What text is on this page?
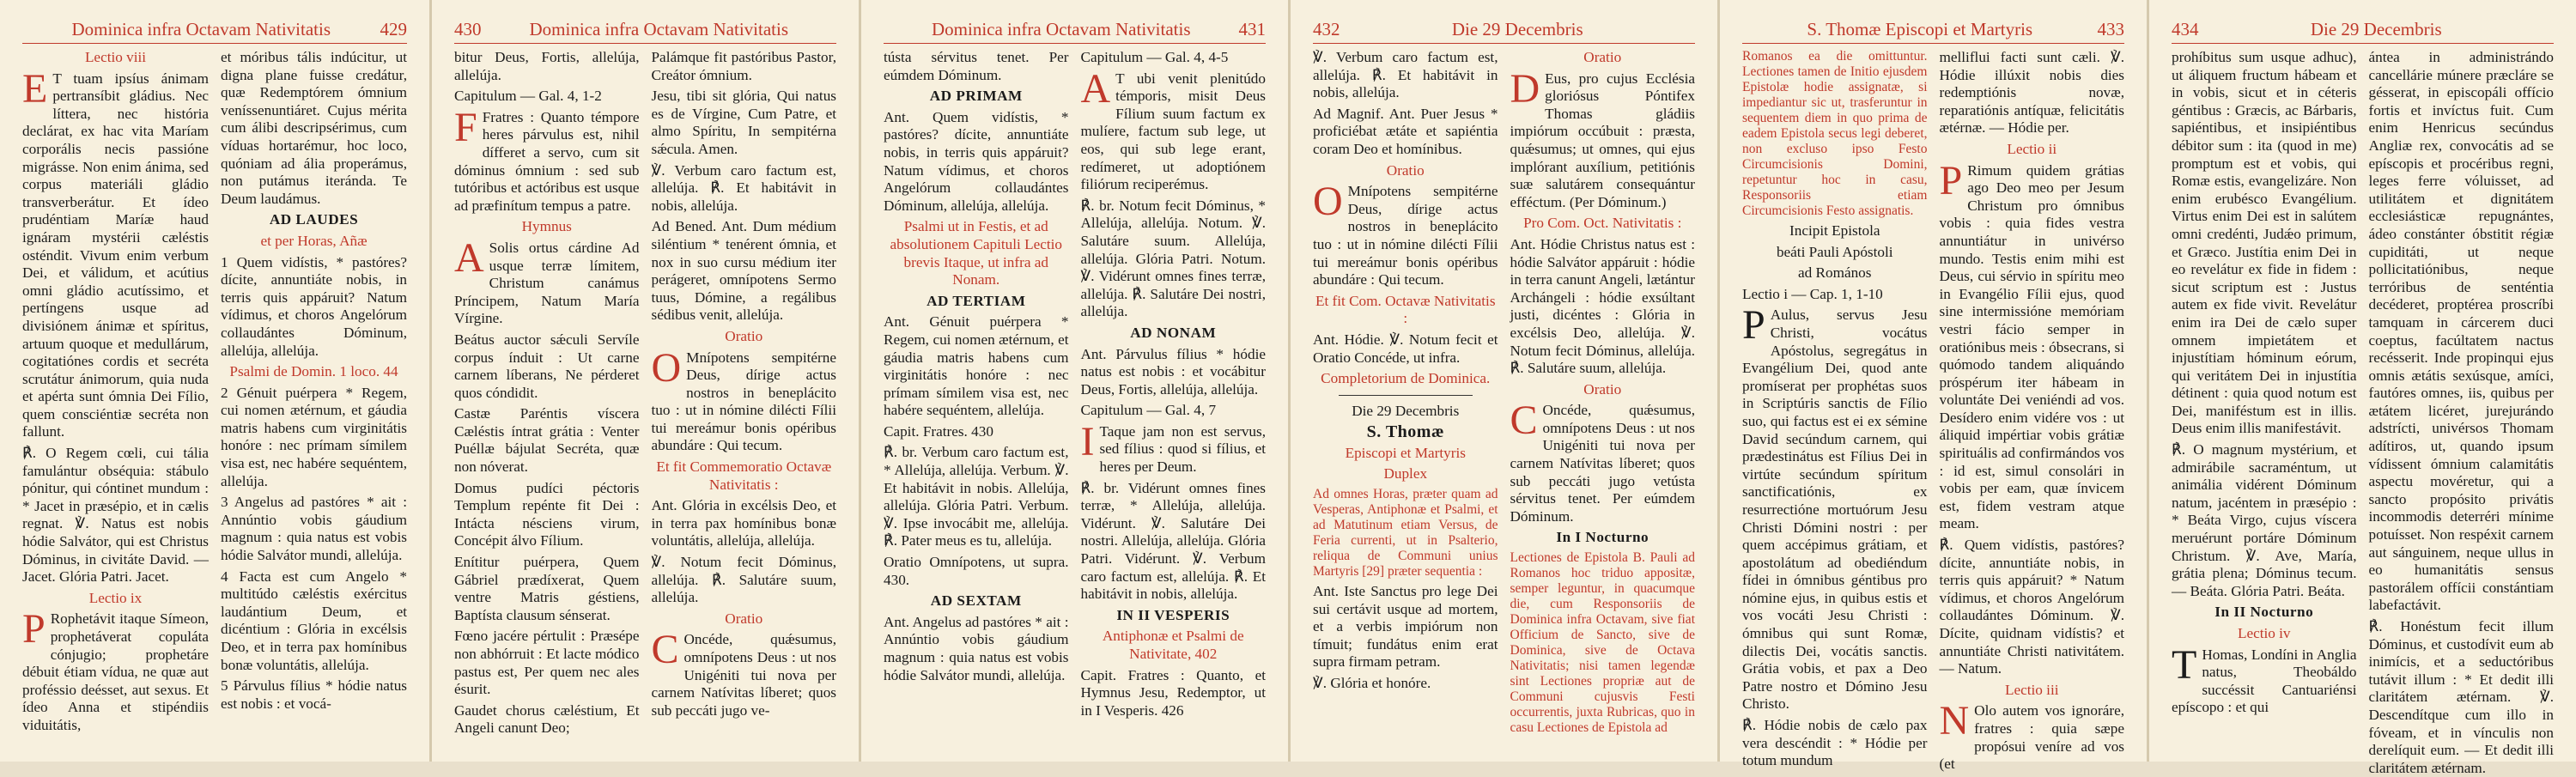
Dominica infra Octavam Nativitatis	429

Lectio viii

E T tuam ipsíus ánimam pertransíbit gládius. Nec líttera, nec história declárat, ex hac vita Maríam corporális necis passióne migrásse. Non enim ánima, sed corpus materiáli gládio transverberátur. Et ídeo prudéntiam Maríæ haud ignáram mystérii cæléstis osténdit. Vivum enim verbum Dei, et válidum, et acútius omni gládio acutíssimo, et pertíngens usque ad divisiónem ánimæ et spíritus, artuum quoque et medullárum, cogitatiónes cordis et secréta scrutátur ánimorum, quia nuda et apérta sunt ómnia Dei Fílio, quem consciéntiæ secréta non fallunt.

℟. O Regem cœli, cui tália famulántur obséquia: stábulo pónitur, qui cóntinet mundum : * Jacet in præsépio, et in cælis regnat. ℣. Natus est nobis hódie Salvátor, qui est Christus Dóminus, in civitáte David. — Jacet. Glória Patri. Jacet.

Lectio ix

P Rophetávit itaque Símeon, prophetáverat copuláta cónjugio; prophetáre débuit étiam vídua, ne quæ aut proféssio deésset, aut sexus. Et ídeo Anna et stipéndiis viduitátis,

et móribus tális indúcitur, ut digna plane fuisse credátur, quæ Redemptórem ómnium veníssenuntiáret. Cujus mérita cum álibi descripsérimus, cum víduas hortarémur, hoc loco, quóniam ad ália properámus, non putámus iteránda. Te Deum laudámus.

AD LAUDES

et per Horas, Añæ

1 Quem vidístis, * pastóres? dícite, annuntiáte nobis, in terris quis appáruit? Natum vídimus, et choros Angelórum collaudántes Dóminum, allelúja, allelúja.

Psalmi de Domin. 1 loco. 44

2 Génuit puérpera * Regem, cui nomen ætérnum, et gáudia matris habens cum virginitátis honóre : nec prímam símilem visa est, nec habére sequéntem, allelúja.

3 Angelus ad pastóres * ait : Annúntio vobis gáudium magnum : quia natus est vobis hódie Salvátor mundi, allelúja.

4 Facta est cum Angelo * multitúdo cæléstis exércitus laudántium Deum, et dicéntium : Glória in excélsis Deo, et in terra pax homínibus bonæ voluntátis, allelúja.

5 Párvulus fílius * hódie natus est nobis : et vocá-

430	Dominica infra Octavam Nativitatis

bitur Deus, Fortis, allelúja, allelúja.

Capitulum — Gal. 4, 1-2

F Fratres : Quanto témpore heres párvulus est, nihil dífferet a servo, cum sit dóminus ómnium : sed sub tutóribus et actóribus est usque ad præfinítum tempus a patre.

Hymnus

A Solis ortus cárdine Ad usque terræ límitem, Christum canámus Príncipem, Natum María Vírgine.

Beátus auctor sǽculi Servíle corpus índuit : Ut carne carnem líberans, Ne pérderet quos cóndidit.

Castæ Paréntis víscera Cæléstis íntrat grátia : Venter Puéllæ bájulat Secréta, quæ non nóverat.

Domus pudíci péctoris Templum repénte fit Dei : Intácta nésciens virum, Concépit álvo Fílium.

Enítitur puérpera, Quem Gábriel prædíxerat, Quem ventre Matris géstiens, Baptísta clausum sénserat.

Fœno jacére pértulit : Præsépe non abhórruit : Et lacte módico pastus est, Per quem nec ales ésurit.

Gaudet chorus cæléstium, Et Angeli canunt Deo;

Palámque fit pastóribus Pastor, Creátor ómnium.

Jesu, tibi sit glória, Qui natus es de Vírgine, Cum Patre, et almo Spíritu, In sempitérna sǽcula. Amen.

℣. Verbum caro factum est, allelúja. ℟. Et habitávit in nobis, allelúja.

Ad Bened. Ant. Dum médium siléntium * tenérent ómnia, et nox in suo cursu médium iter perágeret, omnípotens Sermo tuus, Dómine, a regálibus sédibus venit, allelúja.

Oratio

O Mnípotens sempitérne Deus, dírige actus nostros in beneplácito tuo : ut in nómine dilécti Fílii tui mereámur bonis opéribus abundáre : Qui tecum.

Et fit Commemoratio Octavæ Nativitatis :

Ant. Glória in excélsis Deo, et in terra pax homínibus bonæ voluntátis, allelúja, allelúja.

℣. Notum fecit Dóminus, allelúja. ℟. Salutáre suum, allelúja.

Oratio

C Oncéde, quǽsumus, omnípotens Deus : ut nos Unigéniti tui nova per carnem Natívitas líberet; quos sub peccáti jugo ve-

Dominica infra Octavam Nativitatis	431

tústa sérvitus tenet. Per eúmdem Dóminum.

AD PRIMAM

Ant. Quem vidístis, * pastóres? dícite, annuntiáte nobis, in terris quis appáruit? Natum vídimus, et choros Angelórum collaudántes Dóminum, allelúja, allelúja.

Psalmi ut in Festis, et ad absolutionem Capituli Lectio brevis Itaque, ut infra ad Nonam.

AD TERTIAM

Ant. Génuit puérpera * Regem, cui nomen ætérnum, et gáudia matris habens cum virginitátis honóre : nec prímam símilem visa est, nec habére sequéntem, allelúja.

Capit. Fratres. 430

℟. br. Verbum caro factum est, * Allelúja, allelúja. Verbum. ℣. Et habitávit in nobis. Allelúja, allelúja. Glória Patri. Verbum. ℣. Ipse invocábit me, allelúja. ℟. Pater meus es tu, allelúja.

Oratio Omnípotens, ut supra. 430.

AD SEXTAM

Ant. Angelus ad pastóres * ait : Annúntio vobis gáudium magnum : quia natus est vobis hódie Salvátor mundi, allelúja.

Capitulum — Gal. 4, 4-5

A T ubi venit plenitúdo témporis, misit Deus Fílium suum factum ex mulíere, factum sub lege, ut eos, qui sub lege erant, redímeret, ut adoptiónem filiórum reciperémus.

℟. br. Notum fecit Dóminus, * Allelúja, allelúja. Notum. ℣. Salutáre suum. Allelúja, allelúja. Glória Patri. Notum. ℣. Vidérunt omnes fines terræ, allelúja. ℟. Salutáre Dei nostri, allelúja.

AD NONAM

Ant. Párvulus fílius * hódie natus est nobis : et vocábitur Deus, Fortis, allelúja, allelúja.

Capitulum — Gal. 4, 7

I Taque jam non est servus, sed fílius : quod si fílius, et heres per Deum.

℟. br. Vidérunt omnes fines terræ, * Allelúja, allelúja. Vidérunt. ℣. Salutáre Dei nostri. Allelúja, allelúja. Glória Patri. Vidérunt. ℣. Verbum caro factum est, allelúja. ℟. Et habitávit in nobis, allelúja.

IN II VESPERIS

Antiphonæ et Psalmi de Nativitate, 402

Capit. Fratres : Quanto, et Hymnus Jesu, Redemptor, ut in I Vesperis. 426

432	Die 29 Decembris

℣. Verbum caro factum est, allelúja. ℟. Et habitávit in nobis, allelúja.

Ad Magnif. Ant. Puer Jesus * proficiébat ætáte et sapiéntia coram Deo et homínibus.

Oratio

O Mnípotens sempitérne Deus, dírige actus nostros in beneplácito tuo : ut in nómine dilécti Fílii tui mereámur bonis opéribus abundáre : Qui tecum.

Et fit Com. Octavæ Nativitatis :

Ant. Hódie. ℣. Notum fecit et Oratio Concéde, ut infra.

Completorium de Dominica.

Die 29 Decembris

S. Thomæ

Episcopi et Martyris

Duplex

Ad omnes Horas, præter quam ad Vesperas, Antiphonæ et Psalmi, et ad Matutinum etiam Versus, de Feria currenti, ut in Psalterio, reliqua de Communi unius Martyris [29] præter sequentia :

Ant. Iste Sanctus pro lege Dei sui certávit usque ad mortem, et a verbis impiórum non tímuit; fundátus enim erat supra firmam petram.

℣. Glória et honóre.

Oratio

D Eus, pro cujus Ecclésia gloriósus Póntifex Thomas gládiis impiórum occúbuit : præsta, quǽsumus; ut omnes, qui ejus implórant auxílium, petitiónis suæ salutárem consequántur efféctum. (Per Dóminum.)

Pro Com. Oct. Nativitatis :

Ant. Hódie Christus natus est : hódie Salvátor appáruit : hódie in terra canunt Angeli, lætántur Archángeli : hódie exsúltant justi, dicéntes : Glória in excélsis Deo, allelúja. ℣. Notum fecit Dóminus, allelúja. ℟. Salutáre suum, allelúja.

Oratio

C Oncéde, quǽsumus, omnípotens Deus : ut nos Unigéniti tui nova per carnem Natívitas líberet; quos sub peccáti jugo vetústa sérvitus tenet. Per eúmdem Dóminum.

In I Nocturno

Lectiones de Epistola B. Pauli ad Romanos hoc triduo appositæ, semper leguntur, in quacumque die, cum Responsoriis de Dominica infra Octavam, sive fiat Officium de Sancto, sive de Dominica, sive de Octava Nativitatis; nisi tamen legendæ sint Lectiones propriæ aut de Communi cujusvis Festi occurrentis, juxta Rubricas, quo in casu Lectiones de Epistola ad

S. Thomæ Episcopi et Martyris	433

Romanos ea die omittuntur. Lectiones tamen de Initio ejusdem Epistolæ hodie assignatæ, si impediantur sic ut, trasferuntur in sequentem diem in quo prima de eadem Epistola secus legi deberet, non excluso ipso Festo Circumcisionis Domini, repetuntur hoc in casu, Responsoriis etiam Circumcisionis Festo assignatis.

Incipit Epistola

beáti Pauli Apóstoli

ad Romános

Lectio i — Cap. 1, 1-10

P Aulus, servus Jesu Christi, vocátus Apóstolus, segregátus in Evangélium Dei, quod ante promíserat per prophétas suos in Scriptúris sanctis de Fílio suo, qui factus est ei ex sémine David secúndum carnem, qui prædestinátus est Fílius Dei in virtúte secúndum spíritum sanctificatiónis, ex resurrectióne mortuórum Jesu Christi Dómini nostri : per quem accépimus grátiam, et apostolátum ad obediéndum fídei in ómnibus géntibus pro nómine ejus, in quibus estis et vos vocáti Jesu Christi : ómnibus qui sunt Romæ, dilectis Dei, vocátis sanctis. Grátia vobis, et pax a Deo Patre nostro et Dómino Jesu Christo.

℟. Hódie nobis de cælo pax vera descéndit : * Hódie per totum mundum

melliflui facti sunt cæli. ℣. Hódie illúxit nobis dies redemptiónis novæ, reparatiónis antíquæ, felicitátis ætérnæ. — Hódie per.

Lectio ii

P Rimum quidem grátias ago Deo meo per Jesum Christum pro ómnibus vobis : quia fides vestra annuntiátur in univérso mundo. Testis enim mihi est Deus, cui sérvio in spíritu meo in Evangélio Fílii ejus, quod sine intermissióne memóriam vestri fácio semper in oratiónibus meis : óbsecrans, si quómodo tandem aliquándo próspérum iter hábeam in voluntáte Dei veniéndi ad vos. Desídero enim vidére vos : ut áliquid impértiar vobis grátiæ spirituális ad confirmándos vos : id est, simul consolári in vobis per eam, quæ ínvicem est, fidem vestram atque meam.

℟. Quem vidístis, pastóres? dícite, annuntiáte nobis, in terris quis appáruit? * Natum vídimus, et choros Angelórum collaudántes Dóminum. ℣. Dícite, quidnam vidístis? et annuntiáte Christi nativitátem. — Natum.

Lectio iii

N Olo autem vos ignoráre, fratres : quia sæpe propósui veníre ad vos (et

434	Die 29 Decembris

prohíbitus sum usque adhuc), ut áliquem fructum hábeam et in vobis, sicut et in céteris géntibus : Græcis, ac Bárbaris, sapiéntibus, et insipiéntibus débitor sum : ita (quod in me) promptum est et vobis, qui Romæ estis, evangelizáre. Non enim erubésco Evangélium. Virtus enim Dei est in salútem omni credénti, Judǽo primum, et Græco. Justítia enim Dei in eo revelátur ex fide in fidem : sicut scriptum est : Justus autem ex fide vivit. Revelátur enim ira Dei de cælo super omnem impietátem et injustítiam hóminum eórum, qui veritátem Dei in injustítia détinent : quia quod notum est Dei, maniféstum est in illis. Deus enim illis manifestávit.

℟. O magnum mystérium, et admirábile sacraméntum, ut animália vidérent Dóminum natum, jacéntem in præsépio : * Beáta Virgo, cujus víscera meruérunt portáre Dóminum Christum. ℣. Ave, María, grátia plena; Dóminus tecum. — Beáta. Glória Patri. Beáta.

In II Nocturno

Lectio iv

T Homas, Londíni in Anglia natus, Theobáldo succéssit Cantuariénsi epíscopo : et qui

ántea in administrándo cancellárie múnere præclárе se gésserat, in episcopáli offício fortis et invíctus fuit. Cum enim Henricus secúndus Angliæ rex, convocátis ad se epíscopis et procéribus regni, leges ferre vóluisset, ad utilitátem et dignitátem ecclesiásticæ repugnántes, ádeo constánter óbstitit régiæ cupiditáti, ut neque pollicitatiónibus, neque terróribus de senténtia decéderet, proptérea proscríbi tamquam in cárcerem duci coeptus, facúltatem nactus recésserit. Inde propinqui ejus omnis ætátis sexúsque, amíci, fautóres omnes, iis, quibus per ætátem licéret, jurejurándo adstrícti, univérsos Thomam adítiros, ut, quando ipsum vídissent ómnium calamitátis aspectu movéretur, qui a sancto propósito privátis incommodis deterréri mínime potuísset. Non respéxit carnem aut sánguinem, neque ullus in eo humanitátis sensus pastorálem offícii constántiam labefactávit.

℟. Honéstum fecit illum Dóminus, et custodívit eum ab inimícis, et a seductóribus tutávit illum : * Et dedit illi claritátem ætérnam. ℣. Descendítque cum illo in fóveam, et in vínculis non derelíquit eum. — Et dedit illi claritátem ætérnam.
